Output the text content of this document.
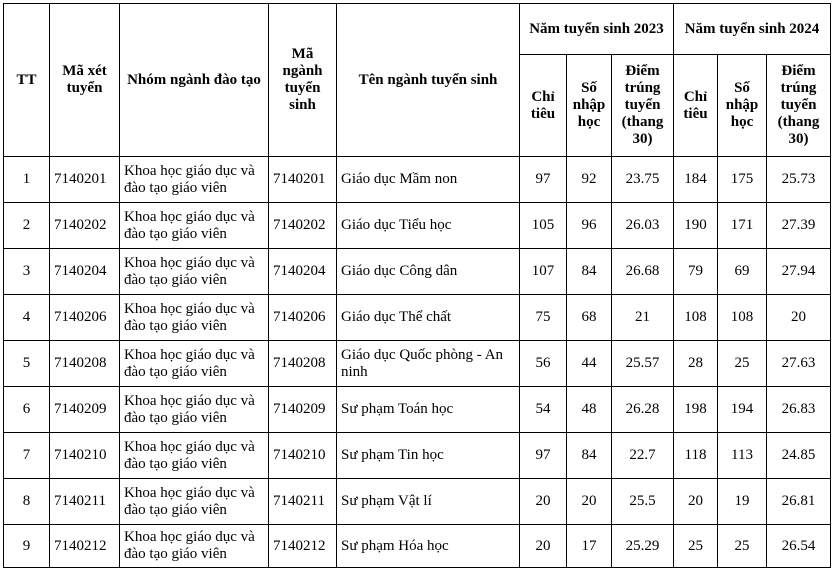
TT	Mã xét tuyển	Nhóm ngành đào tạo	Mã ngành tuyển sinh	Tên ngành tuyển sinh	Năm tuyển sinh 2023			Năm tuyển sinh 2024		
					Chỉ tiêu	Số nhập học	Điểm trúng tuyển (thang 30)	Chỉ tiêu	Số nhập học	Điểm trúng tuyển (thang 30)
1	7140201	Khoa học giáo dục và đào tạo giáo viên	7140201	Giáo dục Mầm non	97	92	23.75	184	175	25.73
2	7140202	Khoa học giáo dục và đào tạo giáo viên	7140202	Giáo dục Tiểu học	105	96	26.03	190	171	27.39
3	7140204	Khoa học giáo dục và đào tạo giáo viên	7140204	Giáo dục Công dân	107	84	26.68	79	69	27.94
4	7140206	Khoa học giáo dục và đào tạo giáo viên	7140206	Giáo dục Thể chất	75	68	21	108	108	20
5	7140208	Khoa học giáo dục và đào tạo giáo viên	7140208	Giáo dục Quốc phòng - An ninh	56	44	25.57	28	25	27.63
6	7140209	Khoa học giáo dục và đào tạo giáo viên	7140209	Sư phạm Toán học	54	48	26.28	198	194	26.83
7	7140210	Khoa học giáo dục và đào tạo giáo viên	7140210	Sư phạm Tin học	97	84	22.7	118	113	24.85
8	7140211	Khoa học giáo dục và đào tạo giáo viên	7140211	Sư phạm Vật lí	20	20	25.5	20	19	26.81
9	7140212	Khoa học giáo dục và đào tạo giáo viên	7140212	Sư phạm Hóa học	20	17	25.29	25	25	26.54
